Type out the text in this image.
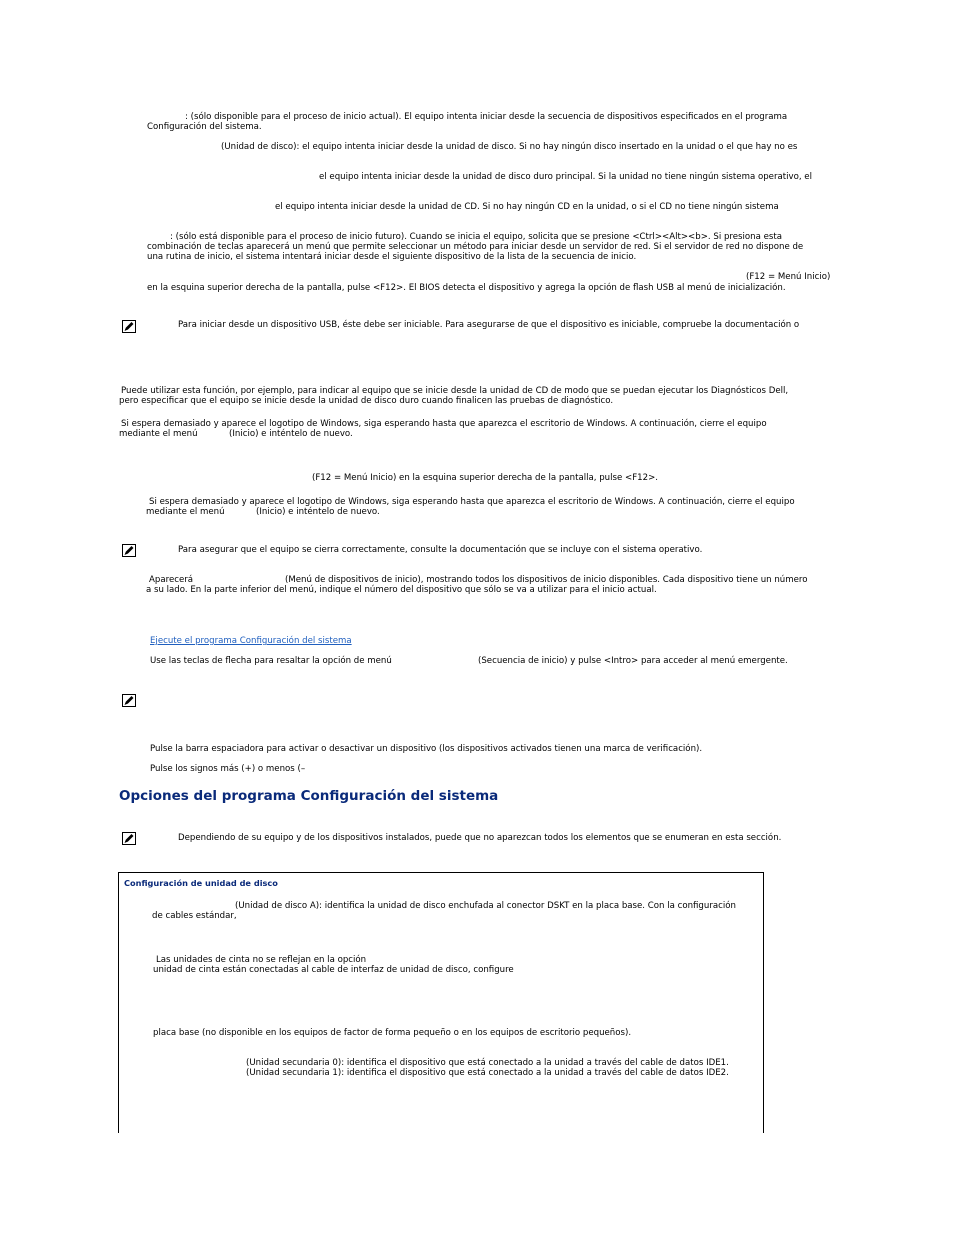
: (sólo disponible para el proceso de inicio actual). El equipo intenta iniciar desde la secuencia de dispositivos especificados en el programa
Configuración del sistema.
(Unidad de disco): el equipo intenta iniciar desde la unidad de disco. Si no hay ningún disco insertado en la unidad o el que hay no es
el equipo intenta iniciar desde la unidad de disco duro principal. Si la unidad no tiene ningún sistema operativo, el
el equipo intenta iniciar desde la unidad de CD. Si no hay ningún CD en la unidad, o si el CD no tiene ningún sistema
: (sólo está disponible para el proceso de inicio futuro). Cuando se inicia el equipo, solicita que se presione <Ctrl><Alt><b>. Si presiona esta
combinación de teclas aparecerá un menú que permite seleccionar un método para iniciar desde un servidor de red. Si el servidor de red no dispone de
una rutina de inicio, el sistema intentará iniciar desde el siguiente dispositivo de la lista de la secuencia de inicio.
(F12 = Menú Inicio)
en la esquina superior derecha de la pantalla, pulse <F12>. El BIOS detecta el dispositivo y agrega la opción de flash USB al menú de inicialización.
Para iniciar desde un dispositivo USB, éste debe ser iniciable. Para asegurarse de que el dispositivo es iniciable, compruebe la documentación o
Puede utilizar esta función, por ejemplo, para indicar al equipo que se inicie desde la unidad de CD de modo que se puedan ejecutar los Diagnósticos Dell,
pero especificar que el equipo se inicie desde la unidad de disco duro cuando finalicen las pruebas de diagnóstico.
Si espera demasiado y aparece el logotipo de Windows, siga esperando hasta que aparezca el escritorio de Windows. A continuación, cierre el equipo
mediante el menú	(Inicio) e inténtelo de nuevo.
(F12 = Menú Inicio) en la esquina superior derecha de la pantalla, pulse <F12>.
Si espera demasiado y aparece el logotipo de Windows, siga esperando hasta que aparezca el escritorio de Windows. A continuación, cierre el equipo
mediante el menú	(Inicio) e inténtelo de nuevo.
Para asegurar que el equipo se cierra correctamente, consulte la documentación que se incluye con el sistema operativo.
Aparecerá	(Menú de dispositivos de inicio), mostrando todos los dispositivos de inicio disponibles. Cada dispositivo tiene un número
a su lado. En la parte inferior del menú, indique el número del dispositivo que sólo se va a utilizar para el inicio actual.
Ejecute el programa Configuración del sistema
Use las teclas de flecha para resaltar la opción de menú	(Secuencia de inicio) y pulse <Intro> para acceder al menú emergente.
Pulse la barra espaciadora para activar o desactivar un dispositivo (los dispositivos activados tienen una marca de verificación).
Pulse los signos más (+) o menos (–
Opciones del programa Configuración del sistema
Dependiendo de su equipo y de los dispositivos instalados, puede que no aparezcan todos los elementos que se enumeran en esta sección.
Configuración de unidad de disco
(Unidad de disco A): identifica la unidad de disco enchufada al conector DSKT en la placa base. Con la configuración
de cables estándar,
Las unidades de cinta no se reflejan en la opción
unidad de cinta están conectadas al cable de interfaz de unidad de disco, configure
placa base (no disponible en los equipos de factor de forma pequeño o en los equipos de escritorio pequeños).
(Unidad secundaria 0): identifica el dispositivo que está conectado a la unidad a través del cable de datos IDE1.
(Unidad secundaria 1): identifica el dispositivo que está conectado a la unidad a través del cable de datos IDE2.
